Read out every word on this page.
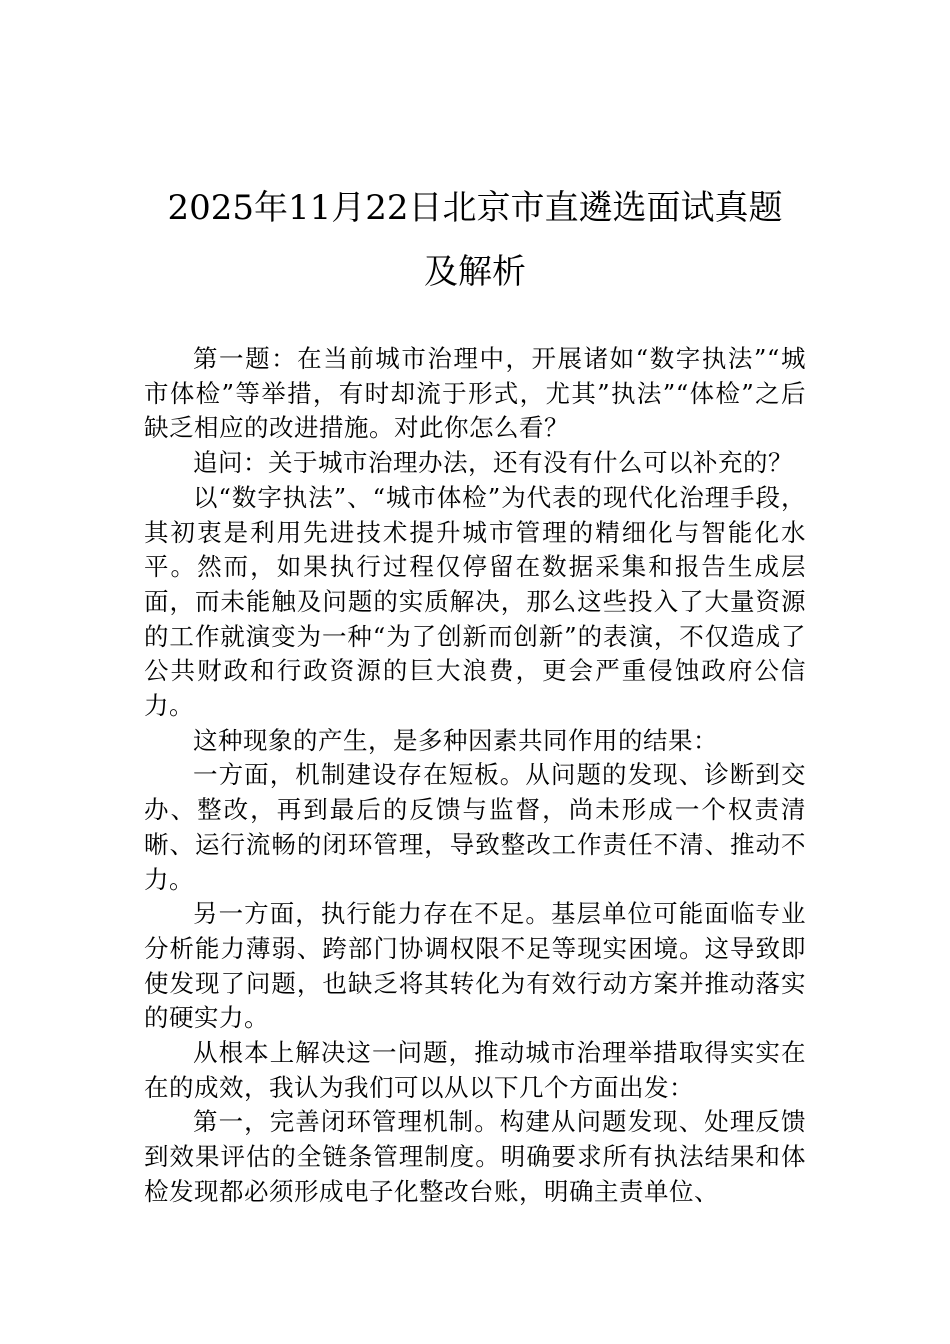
2025年11月22日北京市直遴选面试真题
及解析

第一题：在当前城市治理中，开展诸如“数字执法”“城市体检”等举措，有时却流于形式，尤其”执法”“体检”之后缺乏相应的改进措施。对此你怎么看？

追问：关于城市治理办法，还有没有什么可以补充的？

以“数字执法”、“城市体检”为代表的现代化治理手段，其初衷是利用先进技术提升城市管理的精细化与智能化水平。然而，如果执行过程仅停留在数据采集和报告生成层面，而未能触及问题的实质解决，那么这些投入了大量资源的工作就演变为一种“为了创新而创新”的表演，不仅造成了公共财政和行政资源的巨大浪费，更会严重侵蚀政府公信力。

这种现象的产生，是多种因素共同作用的结果：

一方面，机制建设存在短板。从问题的发现、诊断到交办、整改，再到最后的反馈与监督，尚未形成一个权责清晰、运行流畅的闭环管理，导致整改工作责任不清、推动不力。

另一方面，执行能力存在不足。基层单位可能面临专业分析能力薄弱、跨部门协调权限不足等现实困境。这导致即使发现了问题，也缺乏将其转化为有效行动方案并推动落实的硬实力。

从根本上解决这一问题，推动城市治理举措取得实实在在的成效，我认为我们可以从以下几个方面出发：

第一，完善闭环管理机制。构建从问题发现、处理反馈到效果评估的全链条管理制度。明确要求所有执法结果和体检发现都必须形成电子化整改台账，明确主责单位、
